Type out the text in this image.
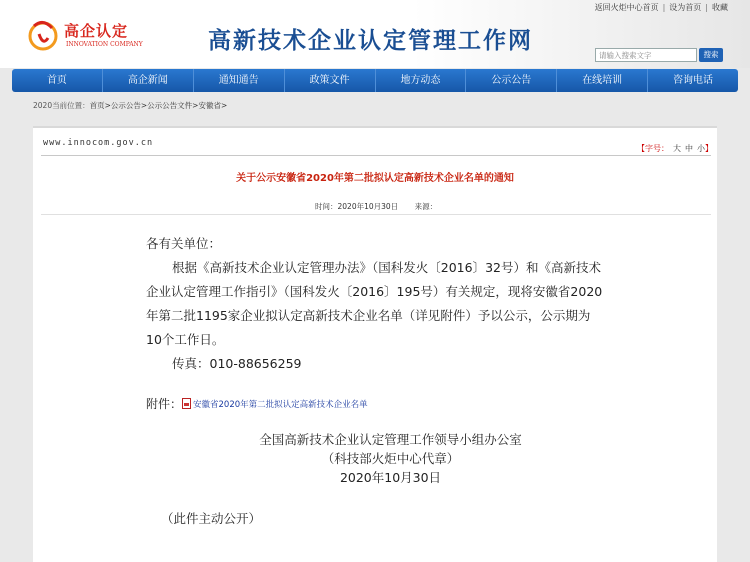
高企认定
INNOVATION COMPANY	高新技术企业认定管理工作网
返回火炬中心首页 | 设为首页 | 收藏
请输入搜索文字	搜索
首页	高企新闻	通知通告	政策文件	地方动态	公示公告	在线培训	咨询电话
2020当前位置：首页>公示公告>公示公告文件>安徽省>
www.innocom.gov.cn
【字号： 大 中 小】
关于公示安徽省2020年第二批拟认定高新技术企业名单的通知
时间：2020年10月30日 来源：
各有关单位：
根据《高新技术企业认定管理办法》（国科发火〔2016〕32号）和《高新技术企业认定管理工作指引》（国科发火〔2016〕195号）有关规定，现将安徽省2020年第二批1195家企业拟认定高新技术企业名单（详见附件）予以公示，公示期为10个工作日。
传真：010-88656259
附件： 安徽省2020年第二批拟认定高新技术企业名单
全国高新技术企业认定管理工作领导小组办公室
（科技部火炬中心代章）
2020年10月30日
（此件主动公开）
